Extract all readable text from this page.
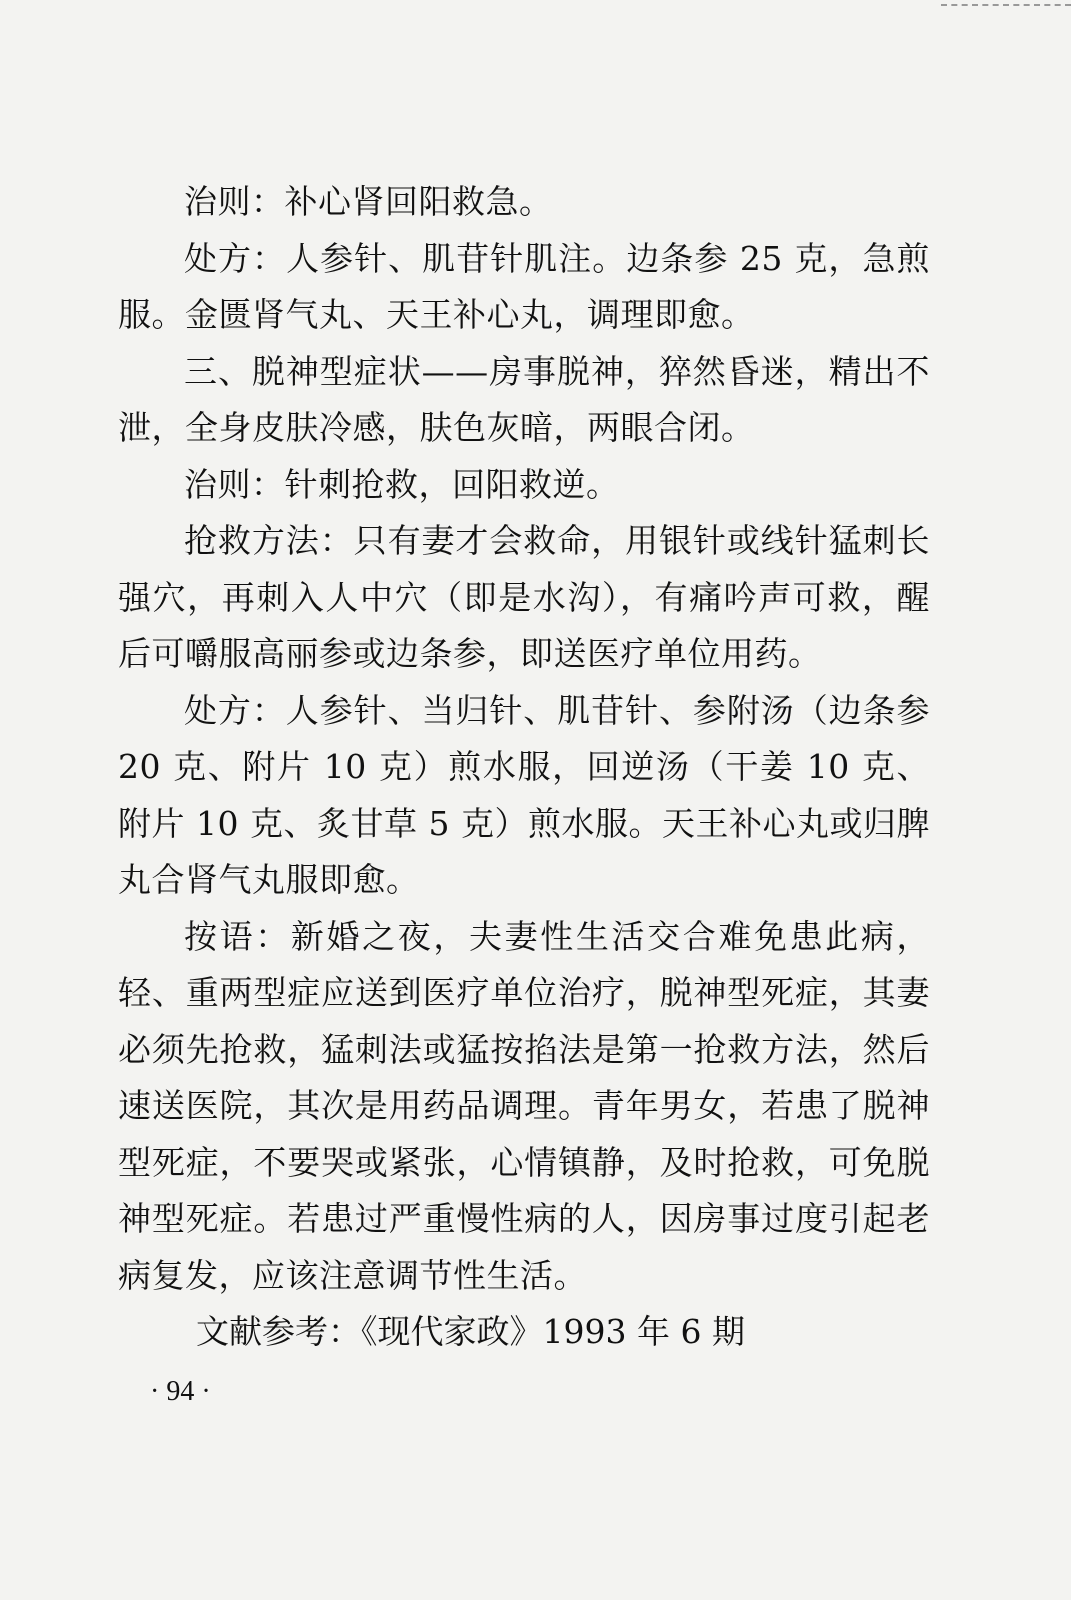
治则：补心肾回阳救急。

处方：人参针、肌苷针肌注。边条参 25 克，急煎服。金匮肾气丸、天王补心丸，调理即愈。

三、脱神型症状——房事脱神，猝然昏迷，精出不泄，全身皮肤冷感，肤色灰暗，两眼合闭。

治则：针刺抢救，回阳救逆。

抢救方法：只有妻才会救命，用银针或线针猛刺长强穴，再刺入人中穴（即是水沟），有痛吟声可救，醒后可嚼服高丽参或边条参，即送医疗单位用药。

处方：人参针、当归针、肌苷针、参附汤（边条参 20 克、附片 10 克）煎水服，回逆汤（干姜 10 克、附片 10 克、炙甘草 5 克）煎水服。天王补心丸或归脾丸合肾气丸服即愈。

按语：新婚之夜，夫妻性生活交合难免患此病，轻、重两型症应送到医疗单位治疗，脱神型死症，其妻必须先抢救，猛刺法或猛按掐法是第一抢救方法，然后速送医院，其次是用药品调理。青年男女，若患了脱神型死症，不要哭或紧张，心情镇静，及时抢救，可免脱神型死症。若患过严重慢性病的人，因房事过度引起老病复发，应该注意调节性生活。

文献参考：《现代家政》1993 年 6 期

· 94 ·
